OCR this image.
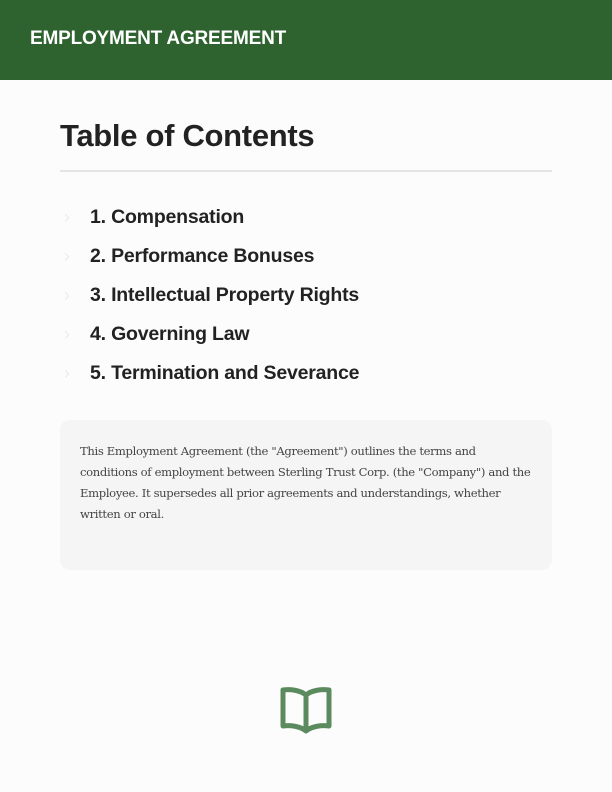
EMPLOYMENT AGREEMENT
Table of Contents
›	1. Compensation
›	2. Performance Bonuses
›	3. Intellectual Property Rights
›	4. Governing Law
›	5. Termination and Severance

This Employment Agreement (the "Agreement") outlines the terms and conditions of employment between Sterling Trust Corp. (the "Company") and the Employee. It supersedes all prior agreements and understandings, whether written or oral.
